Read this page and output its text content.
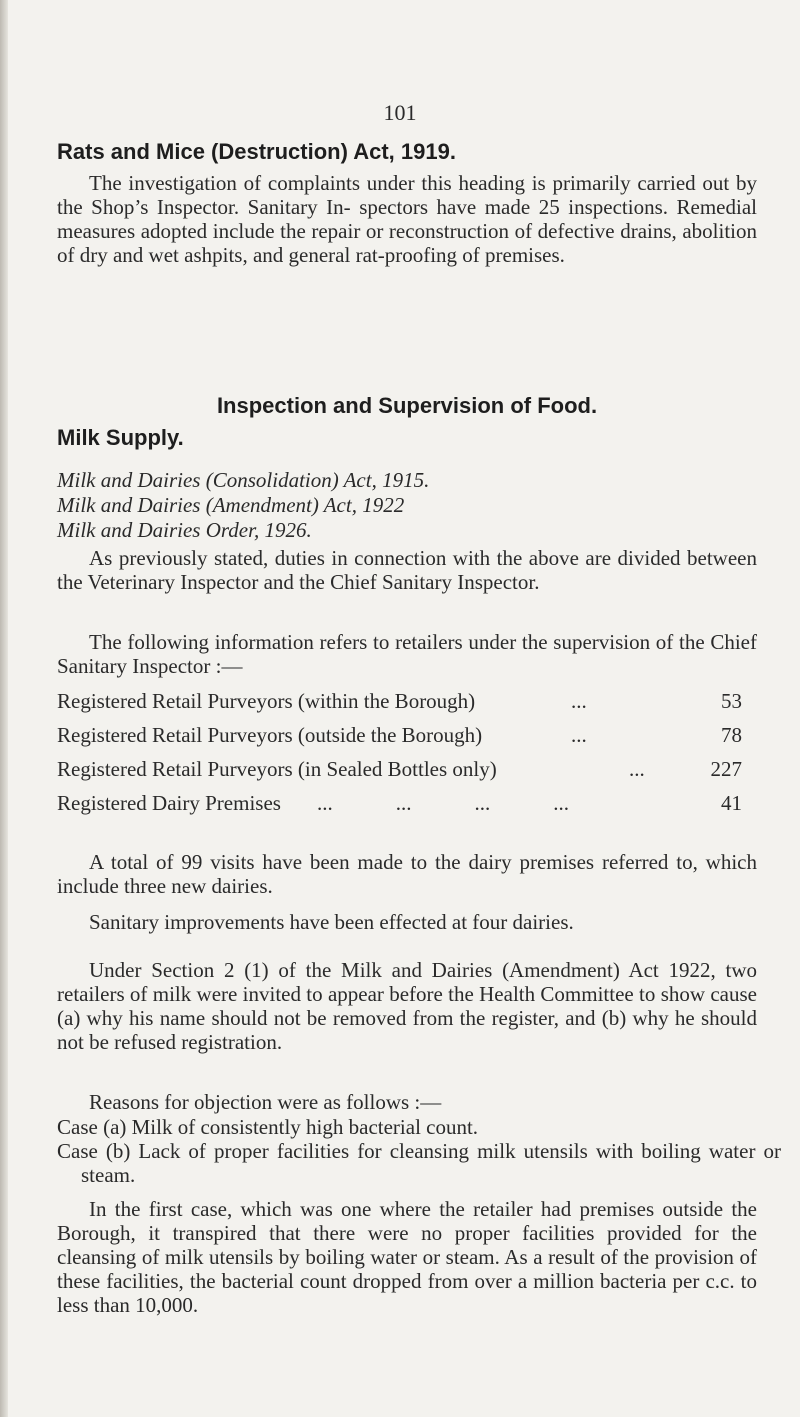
101
Rats and Mice (Destruction) Act, 1919.

The investigation of complaints under this heading is primarily carried out by the Shop’s Inspector. Sanitary In- spectors have made 25 inspections. Remedial measures adopted include the repair or reconstruction of defective drains, abolition of dry and wet ashpits, and general rat-proofing of premises.

Inspection and Supervision of Food.
Milk Supply.
Milk and Dairies (Consolidation) Act, 1915.
Milk and Dairies (Amendment) Act, 1922
Milk and Dairies Order, 1926.

As previously stated, duties in connection with the above are divided between the Veterinary Inspector and the Chief Sanitary Inspector.

The following information refers to retailers under the supervision of the Chief Sanitary Inspector :—

Registered Retail Purveyors (within the Borough)	...	53
Registered Retail Purveyors (outside the Borough)	...	78
Registered Retail Purveyors (in Sealed Bottles only)	...	227
Registered Dairy Premises ...            ...            ...            ...	41

A total of 99 visits have been made to the dairy premises referred to, which include three new dairies.

Sanitary improvements have been effected at four dairies.

Under Section 2 (1) of the Milk and Dairies (Amendment) Act 1922, two retailers of milk were invited to appear before the Health Committee to show cause (a) why his name should not be removed from the register, and (b) why he should not be refused registration.

Reasons for objection were as follows :—

Case (a) Milk of consistently high bacterial count.

Case (b) Lack of proper facilities for cleansing milk utensils with boiling water or steam.

In the first case, which was one where the retailer had premises outside the Borough, it transpired that there were no proper facilities provided for the cleansing of milk utensils by boiling water or steam. As a result of the provision of these facilities, the bacterial count dropped from over a million bacteria per c.c. to less than 10,000.
